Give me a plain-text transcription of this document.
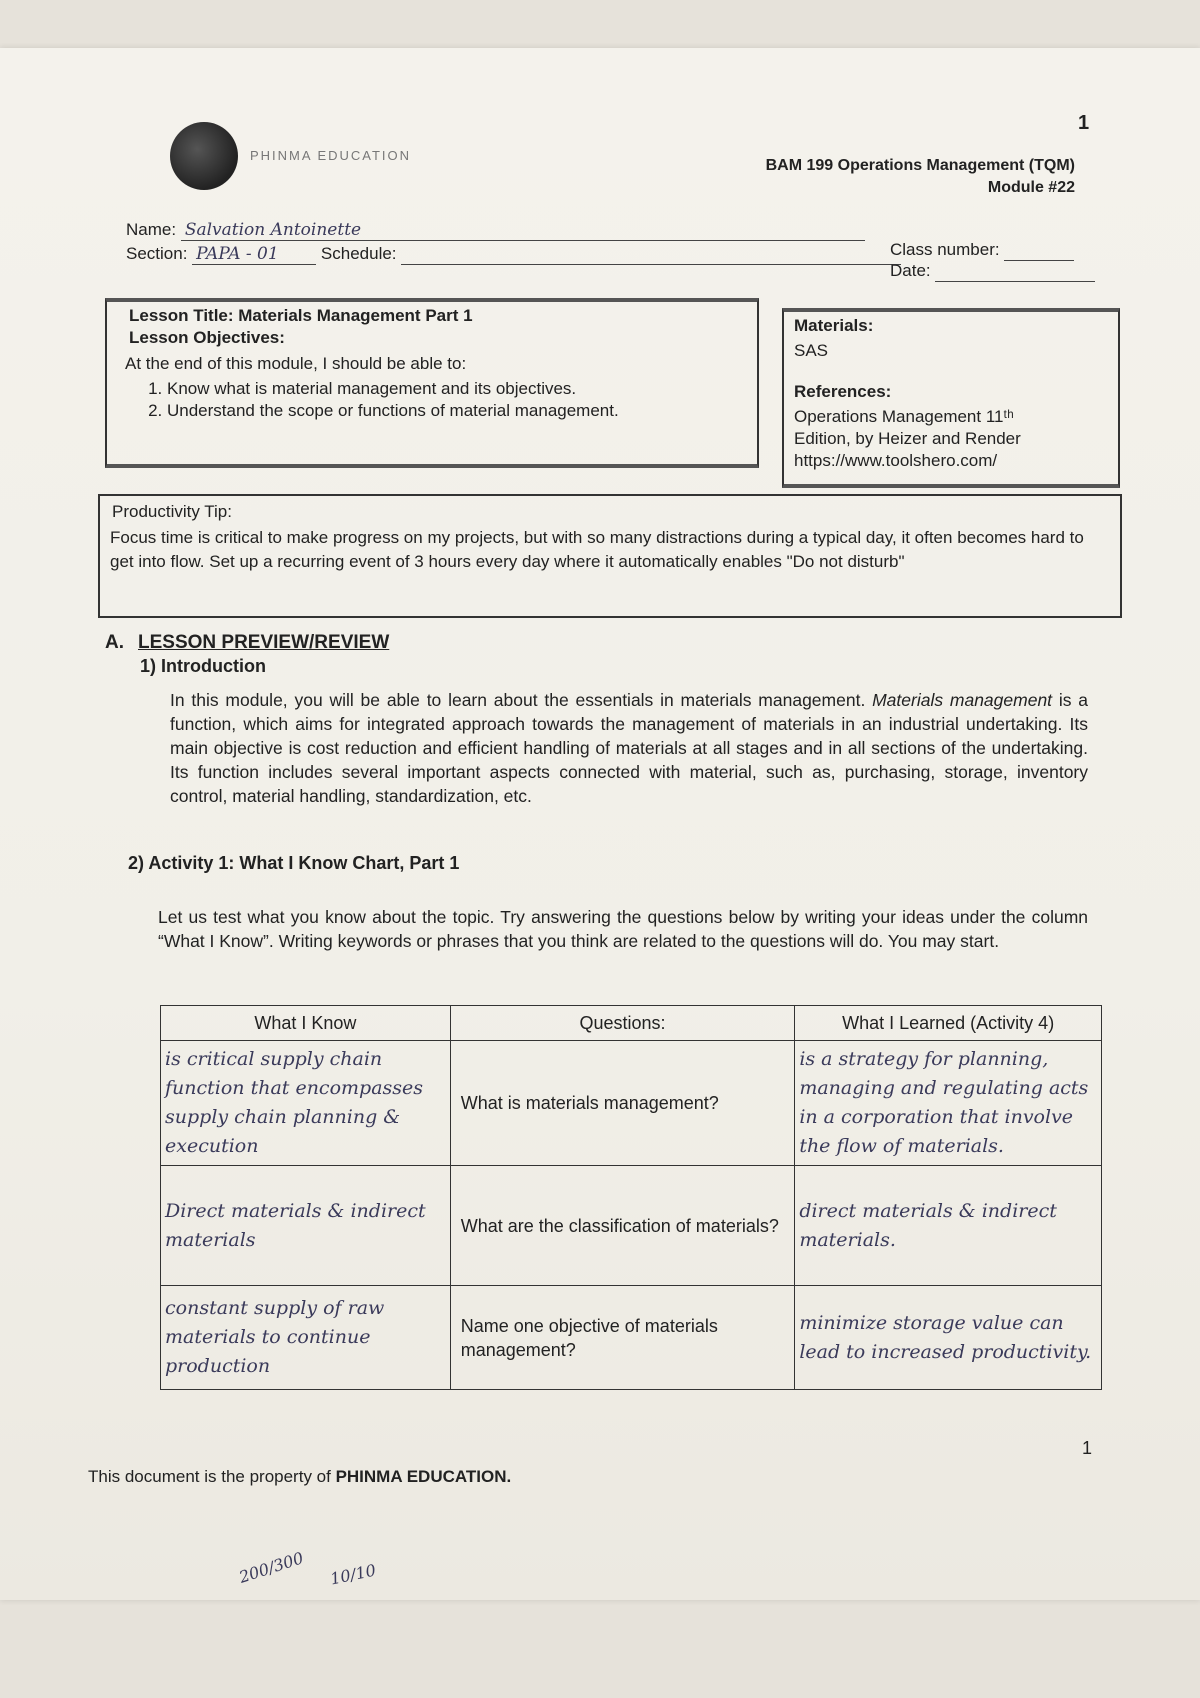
PHINMA EDUCATION
1
BAM 199 Operations Management (TQM)
Module #22
Name: Salvation Antoinette
Section: PAPA - 01 Schedule:	Class number:
Date:
Lesson Title: Materials Management Part 1
Lesson Objectives:
At the end of this module, I should be able to:
1. Know what is material management and its objectives.
2. Understand the scope or functions of material management.
Materials:
SAS
References:
Operations Management 11ᵗʰ
Edition, by Heizer and Render
https://www.toolshero.com/
Productivity Tip:
Focus time is critical to make progress on my projects, but with so many distractions during a typical day, it often becomes hard to get into flow. Set up a recurring event of 3 hours every day where it automatically enables "Do not disturb"
A. LESSON PREVIEW/REVIEW
1) Introduction
In this module, you will be able to learn about the essentials in materials management. Materials management is a function, which aims for integrated approach towards the management of materials in an industrial undertaking. Its main objective is cost reduction and efficient handling of materials at all stages and in all sections of the undertaking. Its function includes several important aspects connected with material, such as, purchasing, storage, inventory control, material handling, standardization, etc.
2) Activity 1: What I Know Chart, Part 1
Let us test what you know about the topic. Try answering the questions below by writing your ideas under the column “What I Know”. Writing keywords or phrases that you think are related to the questions will do. You may start.
What I Know	Questions:	What I Learned (Activity 4)
is critical supply chain function that encompasses supply chain planning & execution	What is materials management?	is a strategy for planning, managing and regulating acts in a corporation that involve the flow of materials.
Direct materials & indirect materials	What are the classification of materials?	direct materials & indirect materials.
constant supply of raw materials to continue production	Name one objective of materials management?	minimize storage value can lead to increased productivity.
1
This document is the property of PHINMA EDUCATION.
200/300 10/10
